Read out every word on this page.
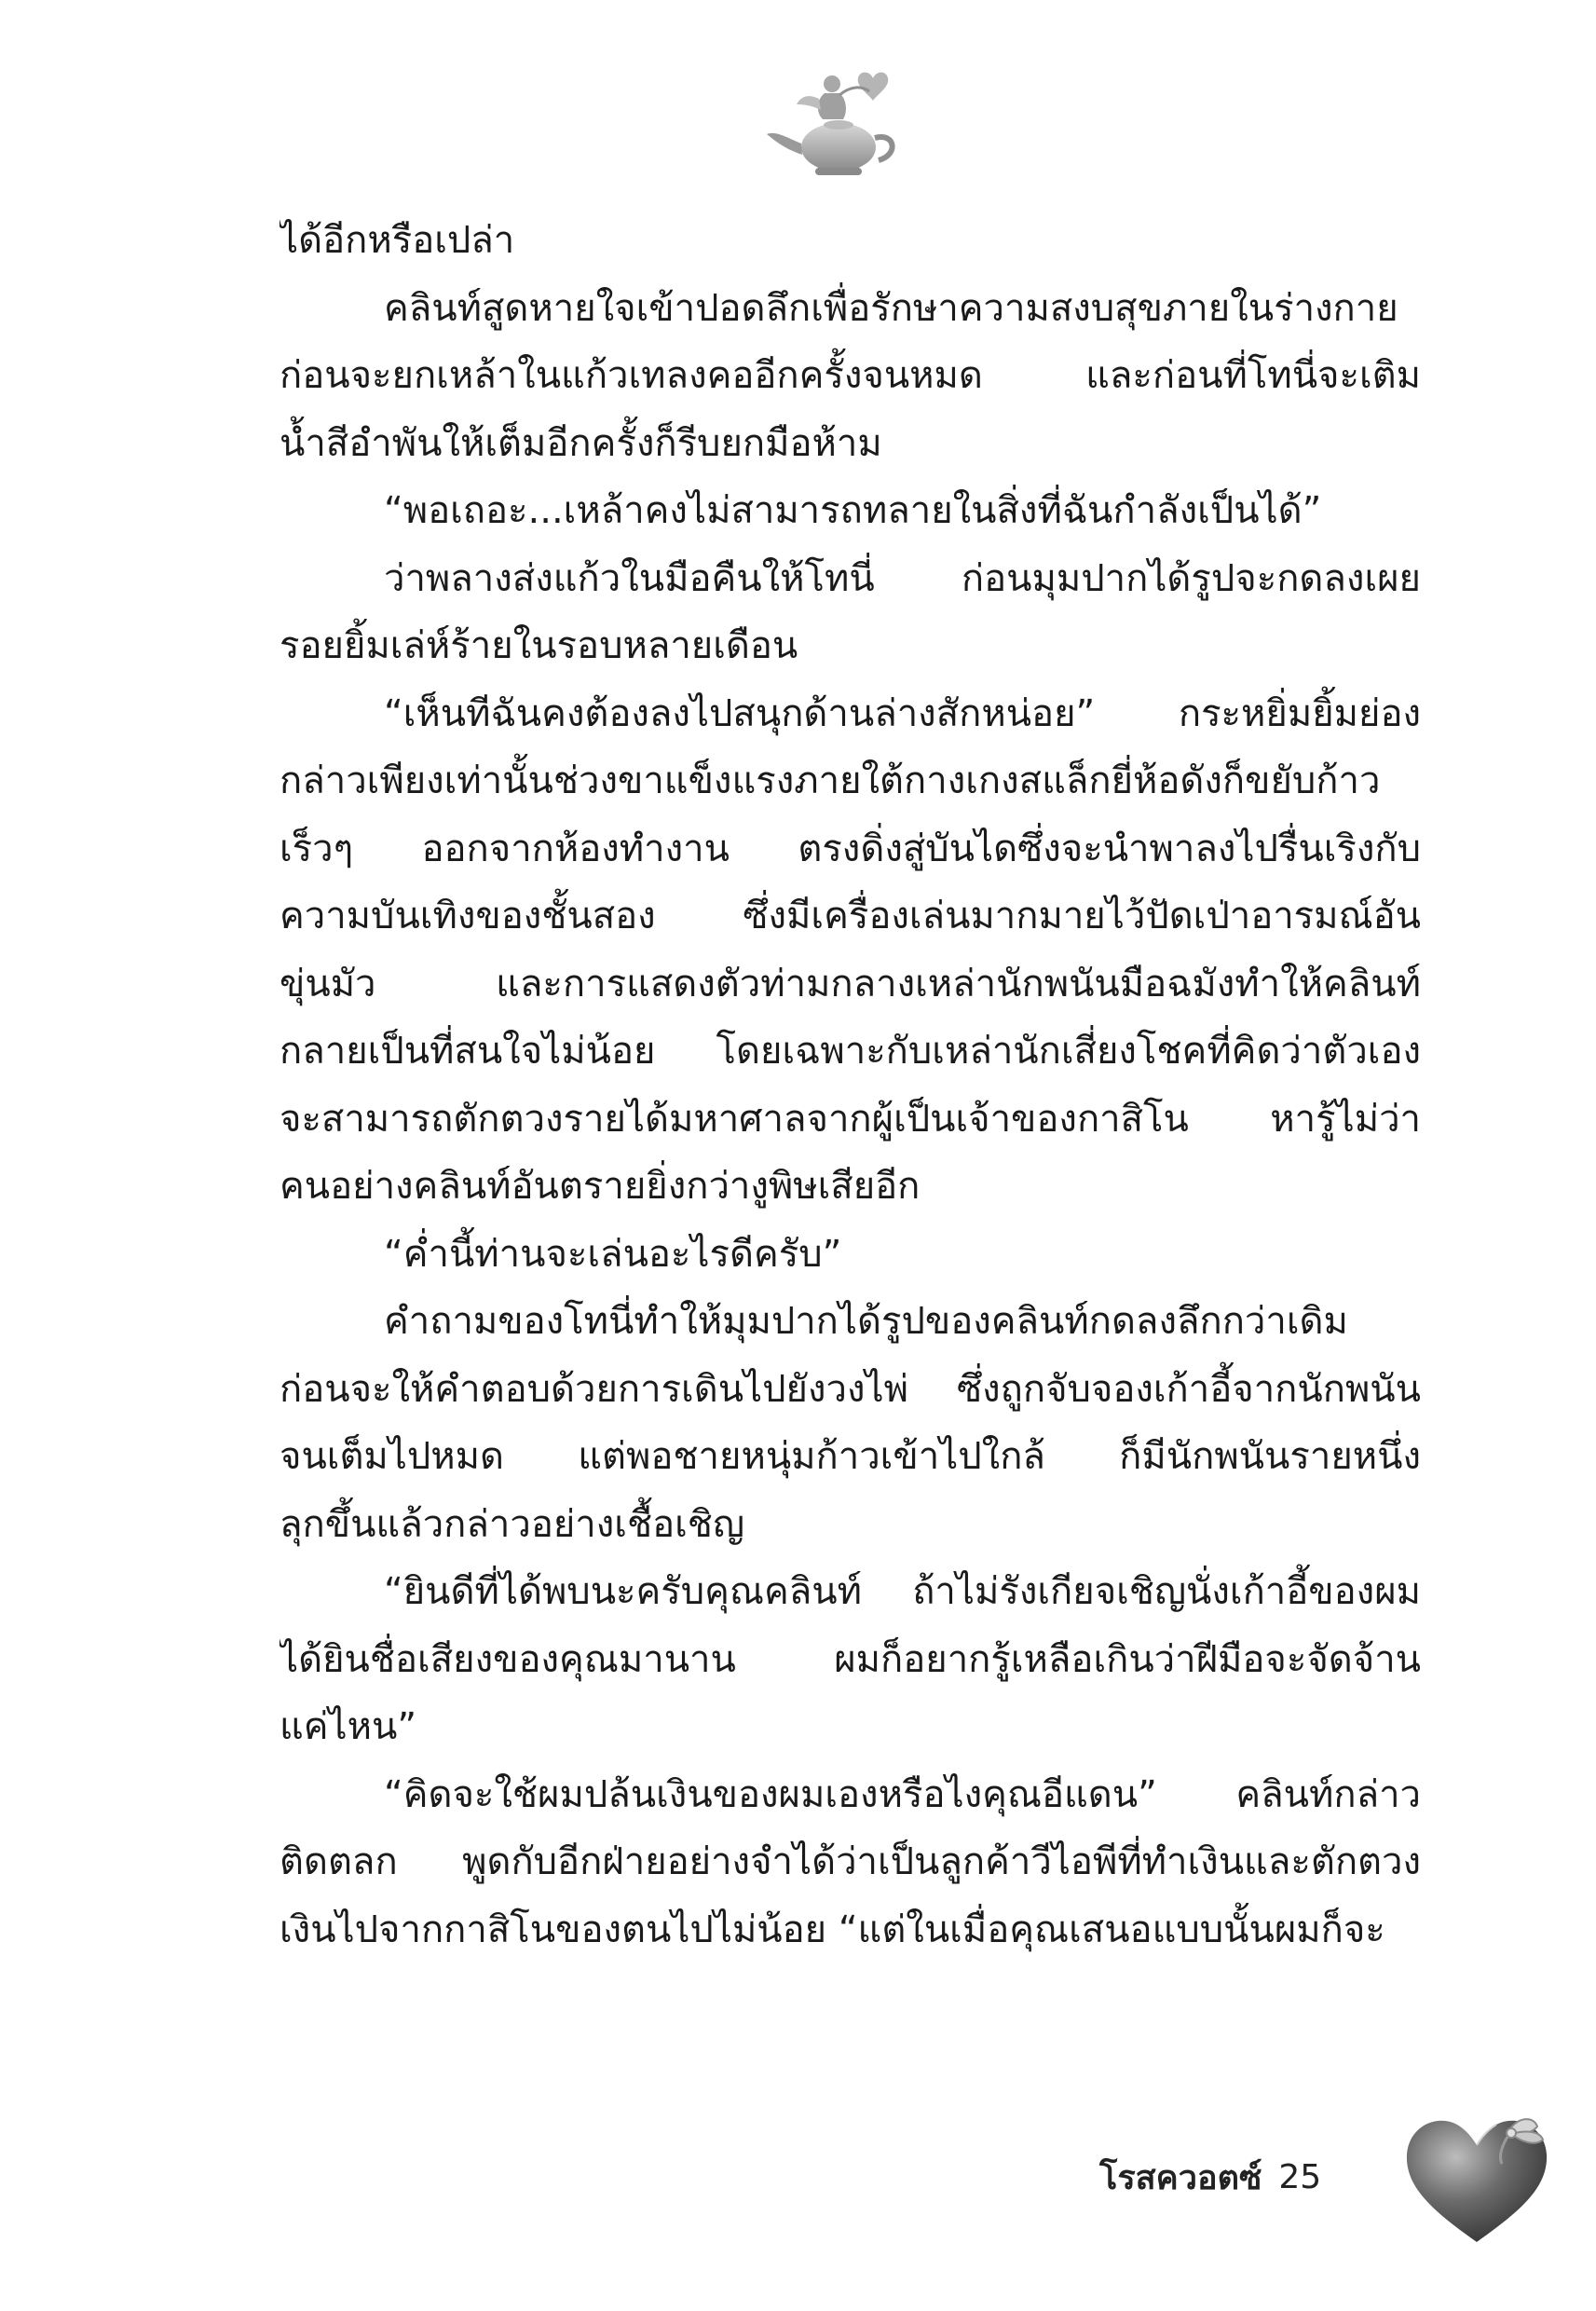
ได้อีกหรือเปล่า
คลินท์สูดหายใจเข้าปอดลึกเพื่อรักษาความสงบสุขภายในร่างกาย
ก่อนจะยกเหล้าในแก้วเทลงคออีกครั้งจนหมด และก่อนที่โทนี่จะเติม
น้ำสีอำพันให้เต็มอีกครั้งก็รีบยกมือห้าม
“พอเถอะ...เหล้าคงไม่สามารถทลายในสิ่งที่ฉันกำลังเป็นได้”
ว่าพลางส่งแก้วในมือคืนให้โทนี่ ก่อนมุมปากได้รูปจะกดลงเผย
รอยยิ้มเล่ห์ร้ายในรอบหลายเดือน
“เห็นทีฉันคงต้องลงไปสนุกด้านล่างสักหน่อย” กระหยิ่มยิ้มย่อง
กล่าวเพียงเท่านั้นช่วงขาแข็งแรงภายใต้กางเกงสแล็กยี่ห้อดังก็ขยับก้าว
เร็วๆ ออกจากห้องทำงาน ตรงดิ่งสู่บันไดซึ่งจะนำพาลงไปรื่นเริงกับ
ความบันเทิงของชั้นสอง ซึ่งมีเครื่องเล่นมากมายไว้ปัดเป่าอารมณ์อัน
ขุ่นมัว และการแสดงตัวท่ามกลางเหล่านักพนันมือฉมังทำให้คลินท์
กลายเป็นที่สนใจไม่น้อย โดยเฉพาะกับเหล่านักเสี่ยงโชคที่คิดว่าตัวเอง
จะสามารถตักตวงรายได้มหาศาลจากผู้เป็นเจ้าของกาสิโน หารู้ไม่ว่า
คนอย่างคลินท์อันตรายยิ่งกว่างูพิษเสียอีก
“ค่ำนี้ท่านจะเล่นอะไรดีครับ”
คำถามของโทนี่ทำให้มุมปากได้รูปของคลินท์กดลงลึกกว่าเดิม
ก่อนจะให้คำตอบด้วยการเดินไปยังวงไพ่ ซึ่งถูกจับจองเก้าอี้จากนักพนัน
จนเต็มไปหมด แต่พอชายหนุ่มก้าวเข้าไปใกล้ ก็มีนักพนันรายหนึ่ง
ลุกขึ้นแล้วกล่าวอย่างเชื้อเชิญ
“ยินดีที่ได้พบนะครับคุณคลินท์ ถ้าไม่รังเกียจเชิญนั่งเก้าอี้ของผม
ได้ยินชื่อเสียงของคุณมานาน ผมก็อยากรู้เหลือเกินว่าฝีมือจะจัดจ้าน
แค่ไหน”
“คิดจะใช้ผมปล้นเงินของผมเองหรือไงคุณอีแดน” คลินท์กล่าว
ติดตลก พูดกับอีกฝ่ายอย่างจำได้ว่าเป็นลูกค้าวีไอพีที่ทำเงินและตักตวง
เงินไปจากกาสิโนของตนไปไม่น้อย “แต่ในเมื่อคุณเสนอแบบนั้นผมก็จะ
โรสควอตซ์ 25
